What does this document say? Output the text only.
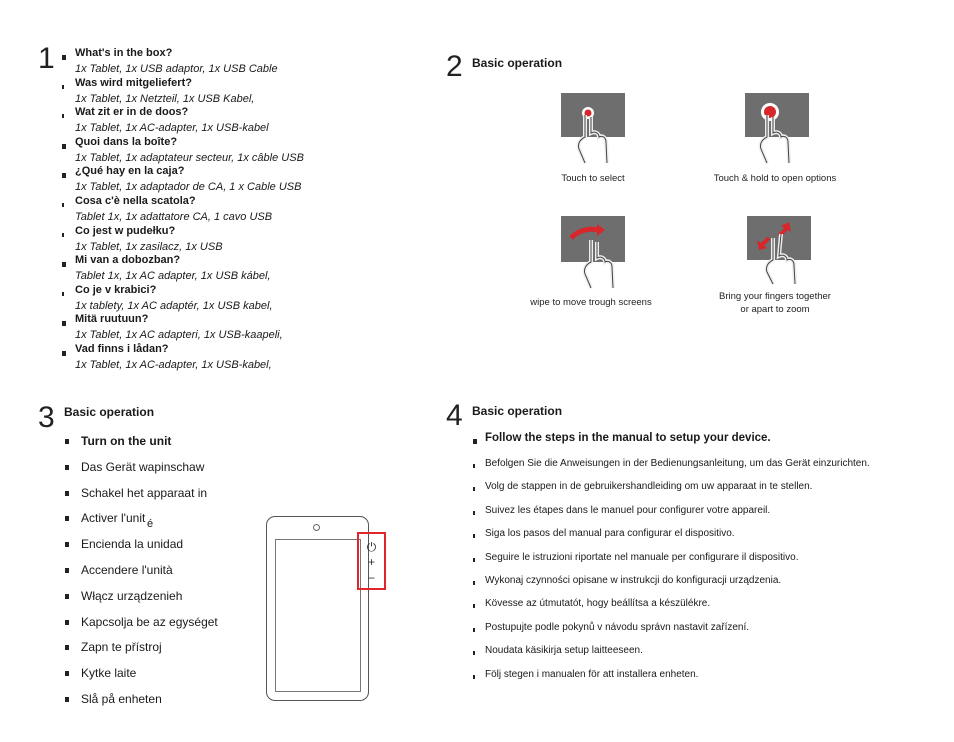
1 What's in the box?
1x Tablet, 1x USB adaptor, 1x USB Cable
Was wird mitgeliefert?
1x Tablet, 1x Netzteil, 1x USB Kabel,
Wat zit er in de doos?
1x Tablet, 1x AC-adapter, 1x USB-kabel
Quoi dans la boîte?
1x Tablet, 1x adaptateur secteur, 1x câble USB
¿Qué hay en la caja?
1x Tablet, 1x adaptador de CA, 1 x Cable USB
Cosa c'è nella scatola?
Tablet 1x, 1x adattatore CA, 1 cavo USB
Co jest w pudełku?
1x Tablet, 1x zasilacz, 1x USB
Mi van a dobozban?
Tablet 1x, 1x AC adapter, 1x USB kábel,
Co je v krabici?
1x tablety, 1x AC adaptér, 1x USB kabel,
Mitä ruutuun?
1x Tablet, 1x AC adapteri, 1x USB-kaapeli,
Vad finns i lådan?
1x Tablet, 1x AC-adapter, 1x USB-kabel,
2 Basic operation
Touch to select	Touch & hold to open options
wipe to move trough screens
Bring your fingers together
or apart to zoom
3 Basic operation
Turn on the unit
Das Gerät wapinschaw
Schakel het apparaat in
Activer l'unit
Encienda la unidad
Accendere l'unità
Włącz urządzenieh
Kapcsolja be az egységet
Zapn te přístroj
Kytke laite
Slå på enheten
é
⏻
+
−
4 Basic operation
Follow the steps in the manual to setup your device.
Befolgen Sie die Anweisungen in der Bedienungsanleitung, um das Gerät einzurichten.
Volg de stappen in de gebruikershandleiding om uw apparaat in te stellen.
Suivez les étapes dans le manuel pour configurer votre appareil.
Siga los pasos del manual para configurar el dispositivo.
Seguire le istruzioni riportate nel manuale per configurare il dispositivo.
Wykonaj czynności opisane w instrukcji do konfiguracji urządzenia.
Kövesse az útmutatót, hogy beállítsa a készülékre.
Postupujte podle pokynů v návodu správn nastavit zařízení.
Noudata käsikirja setup laitteeseen.
Följ stegen i manualen för att installera enheten.
